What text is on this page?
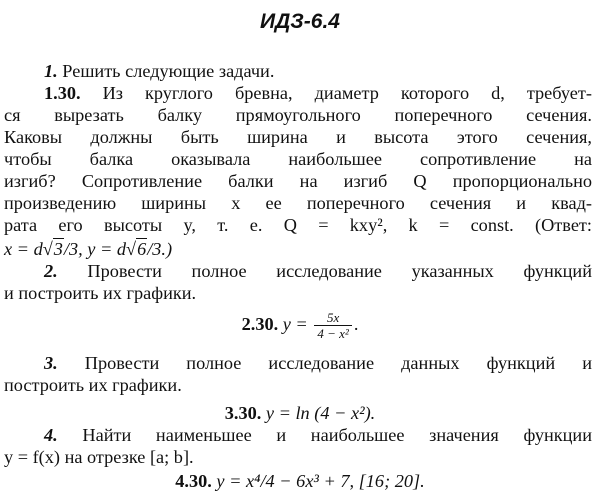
ИДЗ-6.4
1. Решить следующие задачи.
1.30. Из круглого бревна, диаметр которого d, требует-
ся вырезать балку прямоугольного поперечного сечения.
Каковы должны быть ширина и высота этого сечения,
чтобы балка оказывала наибольшее сопротивление на
изгиб? Сопротивление балки на изгиб Q пропорционально
произведению ширины x ее поперечного сечения и квад-
рата его высоты y, т. е. Q = kxy², k = const. (Ответ:
x = d√3/3, y = d√6/3.)
2. Провести полное исследование указанных функций
и построить их графики.
2.30. $y = \frac{5x}{\text{4 − x²}}$ .
3. Провести полное исследование данных функций и
построить их графики.
3.30. y = ln (4 − x²).
4. Найти наименьшее и наибольшее значения функции
y = f(x) на отрезке [a; b].
4.30. y = x⁴/4 − 6x³ + 7, [16; 20].
